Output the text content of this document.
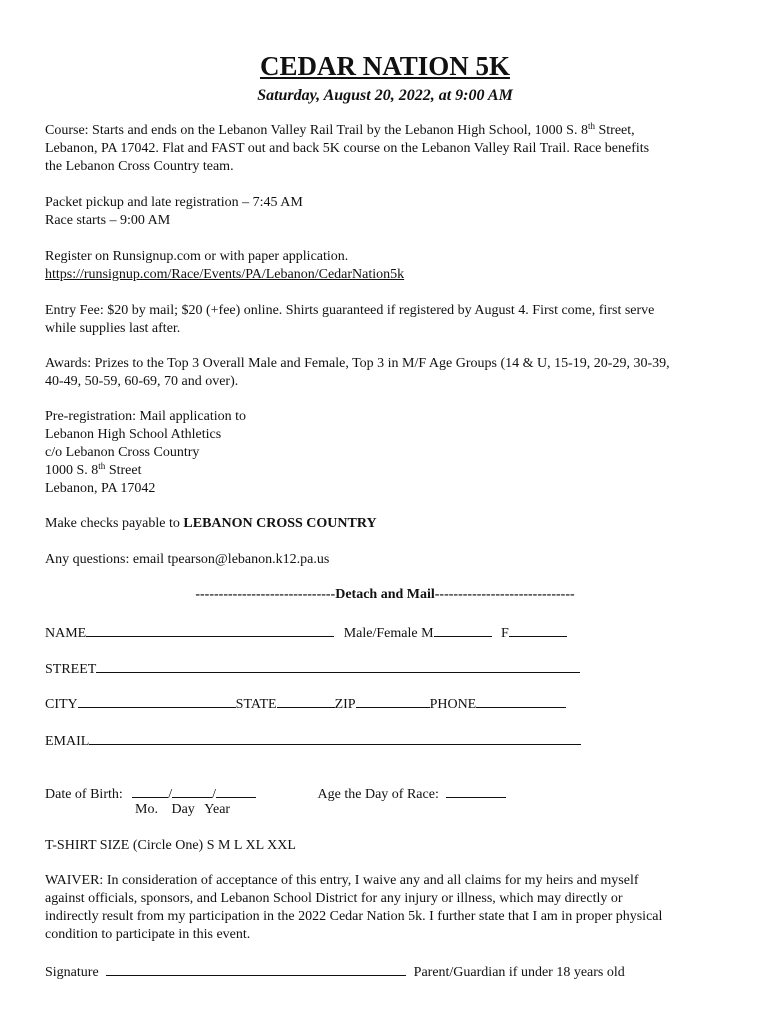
CEDAR NATION 5K
Saturday, August 20, 2022, at 9:00 AM
Course: Starts and ends on the Lebanon Valley Rail Trail by the Lebanon High School, 1000 S. 8th Street,
Lebanon, PA 17042. Flat and FAST out and back 5K course on the Lebanon Valley Rail Trail. Race benefits
the Lebanon Cross Country team.
Packet pickup and late registration – 7:45 AM
Race starts – 9:00 AM
Register on Runsignup.com or with paper application.
https://runsignup.com/Race/Events/PA/Lebanon/CedarNation5k
Entry Fee: $20 by mail; $20 (+fee) online. Shirts guaranteed if registered by August 4. First come, first serve
while supplies last after.
Awards: Prizes to the Top 3 Overall Male and Female, Top 3 in M/F Age Groups (14 & U, 15-19, 20-29, 30-39,
40-49, 50-59, 60-69, 70 and over).
Pre-registration: Mail application to
Lebanon High School Athletics
c/o Lebanon Cross Country
1000 S. 8th Street
Lebanon, PA 17042
Make checks payable to LEBANON CROSS COUNTRY
Any questions: email tpearson@lebanon.k12.pa.us
------------------------------Detach and Mail------------------------------
NAME	Male/Female M	F
STREET
CITY	STATE	ZIP	PHONE
EMAIL
Date of Birth:	/	/	Age the Day of Race:
Mo. Day Year
T-SHIRT SIZE (Circle One) S M L XL XXL
WAIVER: In consideration of acceptance of this entry, I waive any and all claims for my heirs and myself
against officials, sponsors, and Lebanon School District for any injury or illness, which may directly or
indirectly result from my participation in the 2022 Cedar Nation 5k. I further state that I am in proper physical
condition to participate in this event.
Signature	Parent/Guardian if under 18 years old
